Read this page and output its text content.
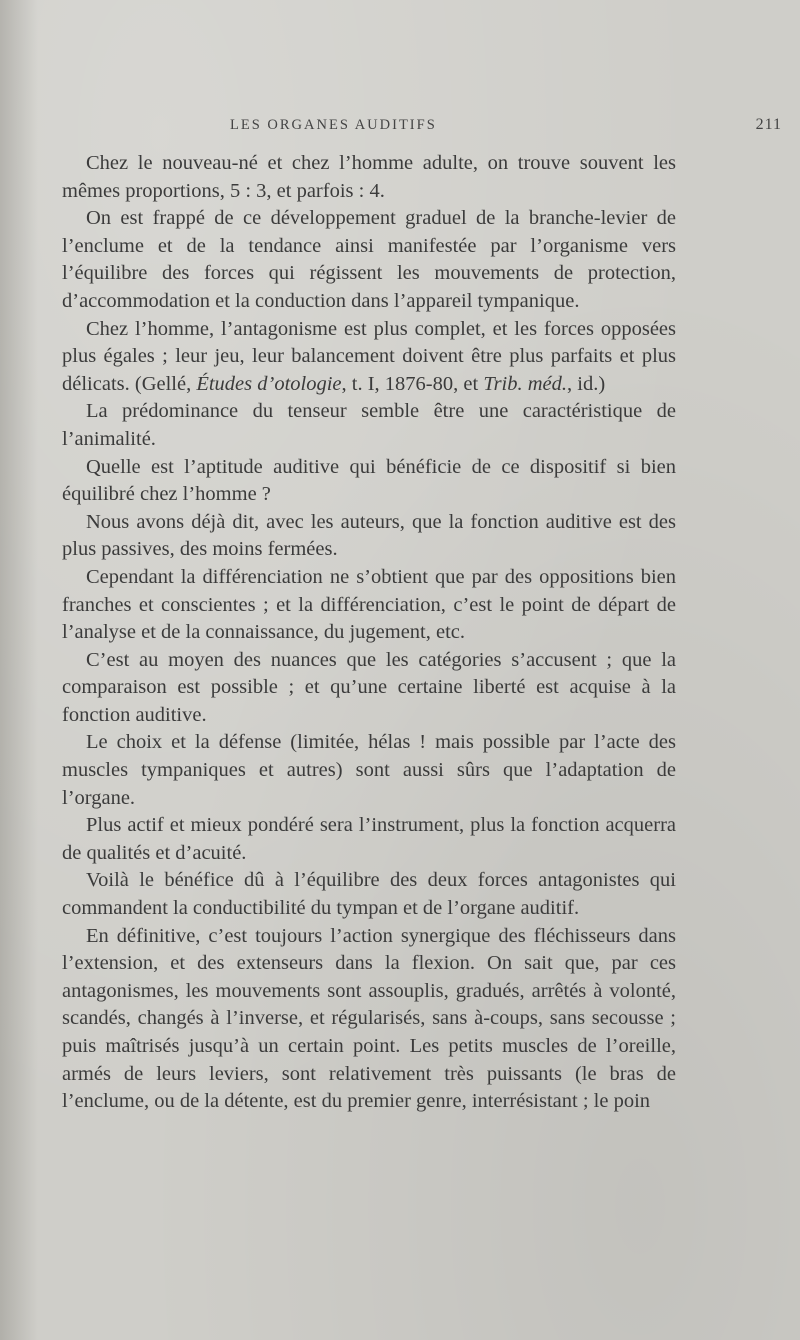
LES ORGANES AUDITIFS	211

Chez le nouveau-né et chez l’homme adulte, on trouve souvent les mêmes proportions, 5 : 3, et parfois : 4.

On est frappé de ce développement graduel de la branche-levier de l’enclume et de la tendance ainsi manifestée par l’organisme vers l’équilibre des forces qui régissent les mouvements de protection, d’accommodation et la conduction dans l’appareil tympanique.

Chez l’homme, l’antagonisme est plus complet, et les forces opposées plus égales ; leur jeu, leur balancement doivent être plus parfaits et plus délicats. (Gellé, Études d’otologie, t. I, 1876-80, et Trib. méd., id.)

La prédominance du tenseur semble être une caractéristique de l’animalité.

Quelle est l’aptitude auditive qui bénéficie de ce dispositif si bien équilibré chez l’homme ?

Nous avons déjà dit, avec les auteurs, que la fonction auditive est des plus passives, des moins fermées.

Cependant la différenciation ne s’obtient que par des oppositions bien franches et conscientes ; et la différenciation, c’est le point de départ de l’analyse et de la connaissance, du jugement, etc.

C’est au moyen des nuances que les catégories s’accusent ; que la comparaison est possible ; et qu’une certaine liberté est acquise à la fonction auditive.

Le choix et la défense (limitée, hélas ! mais possible par l’acte des muscles tympaniques et autres) sont aussi sûrs que l’adaptation de l’organe.

Plus actif et mieux pondéré sera l’instrument, plus la fonction acquerra de qualités et d’acuité.

Voilà le bénéfice dû à l’équilibre des deux forces antagonistes qui commandent la conductibilité du tympan et de l’organe auditif.

En définitive, c’est toujours l’action synergique des fléchisseurs dans l’extension, et des extenseurs dans la flexion. On sait que, par ces antagonismes, les mouvements sont assouplis, gradués, arrêtés à volonté, scandés, changés à l’inverse, et régularisés, sans à-coups, sans secousse ; puis maîtrisés jusqu’à un certain point. Les petits muscles de l’oreille, armés de leurs leviers, sont relativement très puissants (le bras de l’enclume, ou de la détente, est du premier genre, interrésistant ; le poin
